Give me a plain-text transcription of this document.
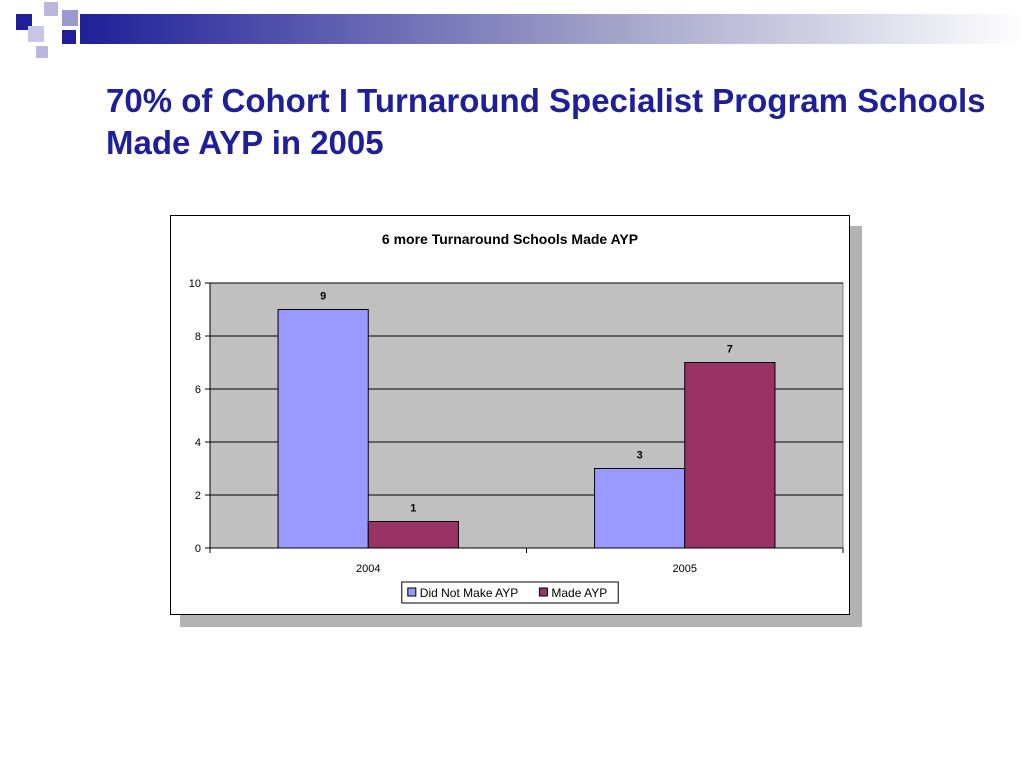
70% of Cohort I Turnaround Specialist Program Schools Made AYP in 2005
6 more Turnaround Schools Made AYP
0
2
4
6
8
10
9
1
2004
3
7
2005
Did Not Make AYP	Made AYP
